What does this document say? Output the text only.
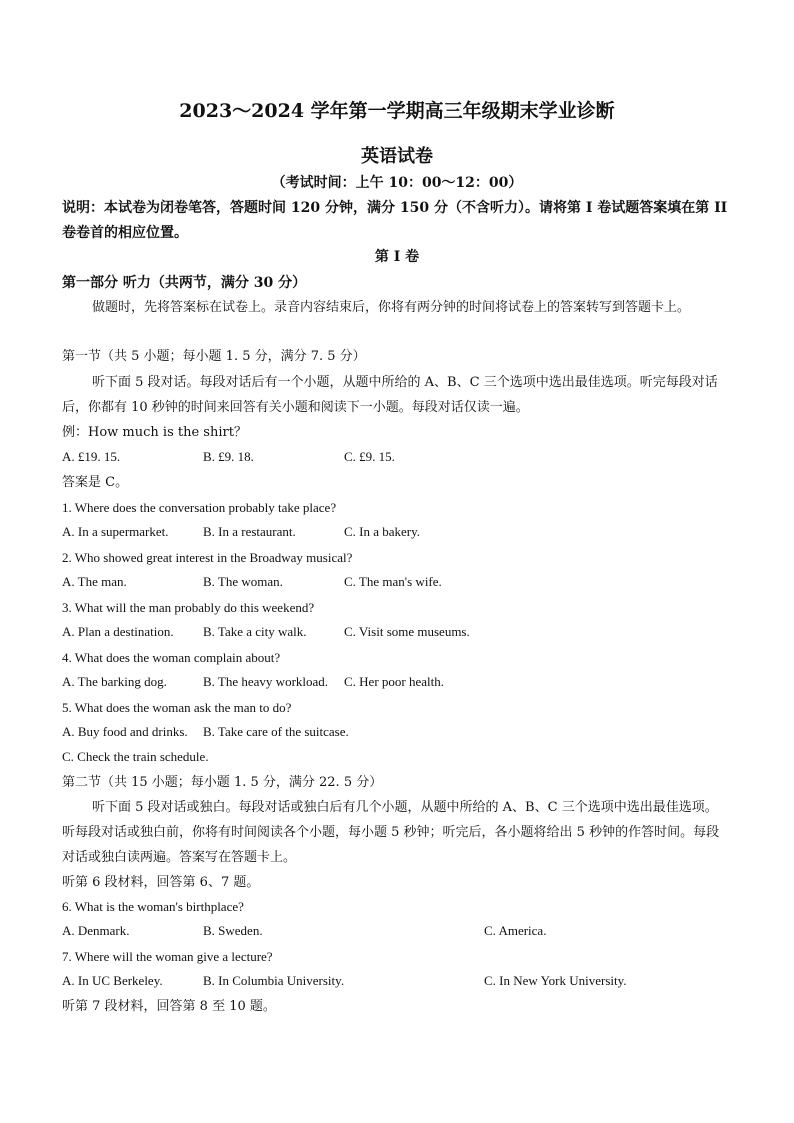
2023～2024 学年第一学期高三年级期末学业诊断
英语试卷
（考试时间：上午 10：00～12：00）
说明：本试卷为闭卷笔答，答题时间 120 分钟，满分 150 分（不含听力）。请将第 I 卷试题答案填在第 II 卷卷首的相应位置。
第 I 卷
第一部分 听力（共两节，满分 30 分）
做题时，先将答案标在试卷上。录音内容结束后，你将有两分钟的时间将试卷上的答案转写到答题卡上。
第一节（共 5 小题；每小题 1. 5 分，满分 7. 5 分）
听下面 5 段对话。每段对话后有一个小题，从题中所给的 A、B、C 三个选项中选出最佳选项。听完每段对话后，你都有 10 秒钟的时间来回答有关小题和阅读下一小题。每段对话仅读一遍。
例：How much is the shirt？
A. £19. 15.	B. £9. 18.	C. £9. 15.
答案是 C。
1. Where does the conversation probably take place?
A. In a supermarket.	B. In a restaurant.	C. In a bakery.
2. Who showed great interest in the Broadway musical?
A. The man.	B. The woman.	C. The man's wife.
3. What will the man probably do this weekend?
A. Plan a destination. B. Take a city walk.	C. Visit some museums.
4. What does the woman complain about?
A. The barking dog.	B. The heavy workload. C. Her poor health.
5. What does the woman ask the man to do?
A. Buy food and drinks. B. Take care of the suitcase.
C. Check the train schedule.
第二节（共 15 小题；每小题 1. 5 分，满分 22. 5 分）
听下面 5 段对话或独白。每段对话或独白后有几个小题，从题中所给的 A、B、C 三个选项中选出最佳选项。听每段对话或独白前，你将有时间阅读各个小题，每小题 5 秒钟；听完后，各小题将给出 5 秒钟的作答时间。每段对话或独白读两遍。答案写在答题卡上。
听第 6 段材料，回答第 6、7 题。
6. What is the woman's birthplace?
A. Denmark.	B. Sweden.	C. America.
7. Where will the woman give a lecture?
A. In UC Berkeley.	B. In Columbia University.	C. In New York University.
听第 7 段材料，回答第 8 至 10 题。
